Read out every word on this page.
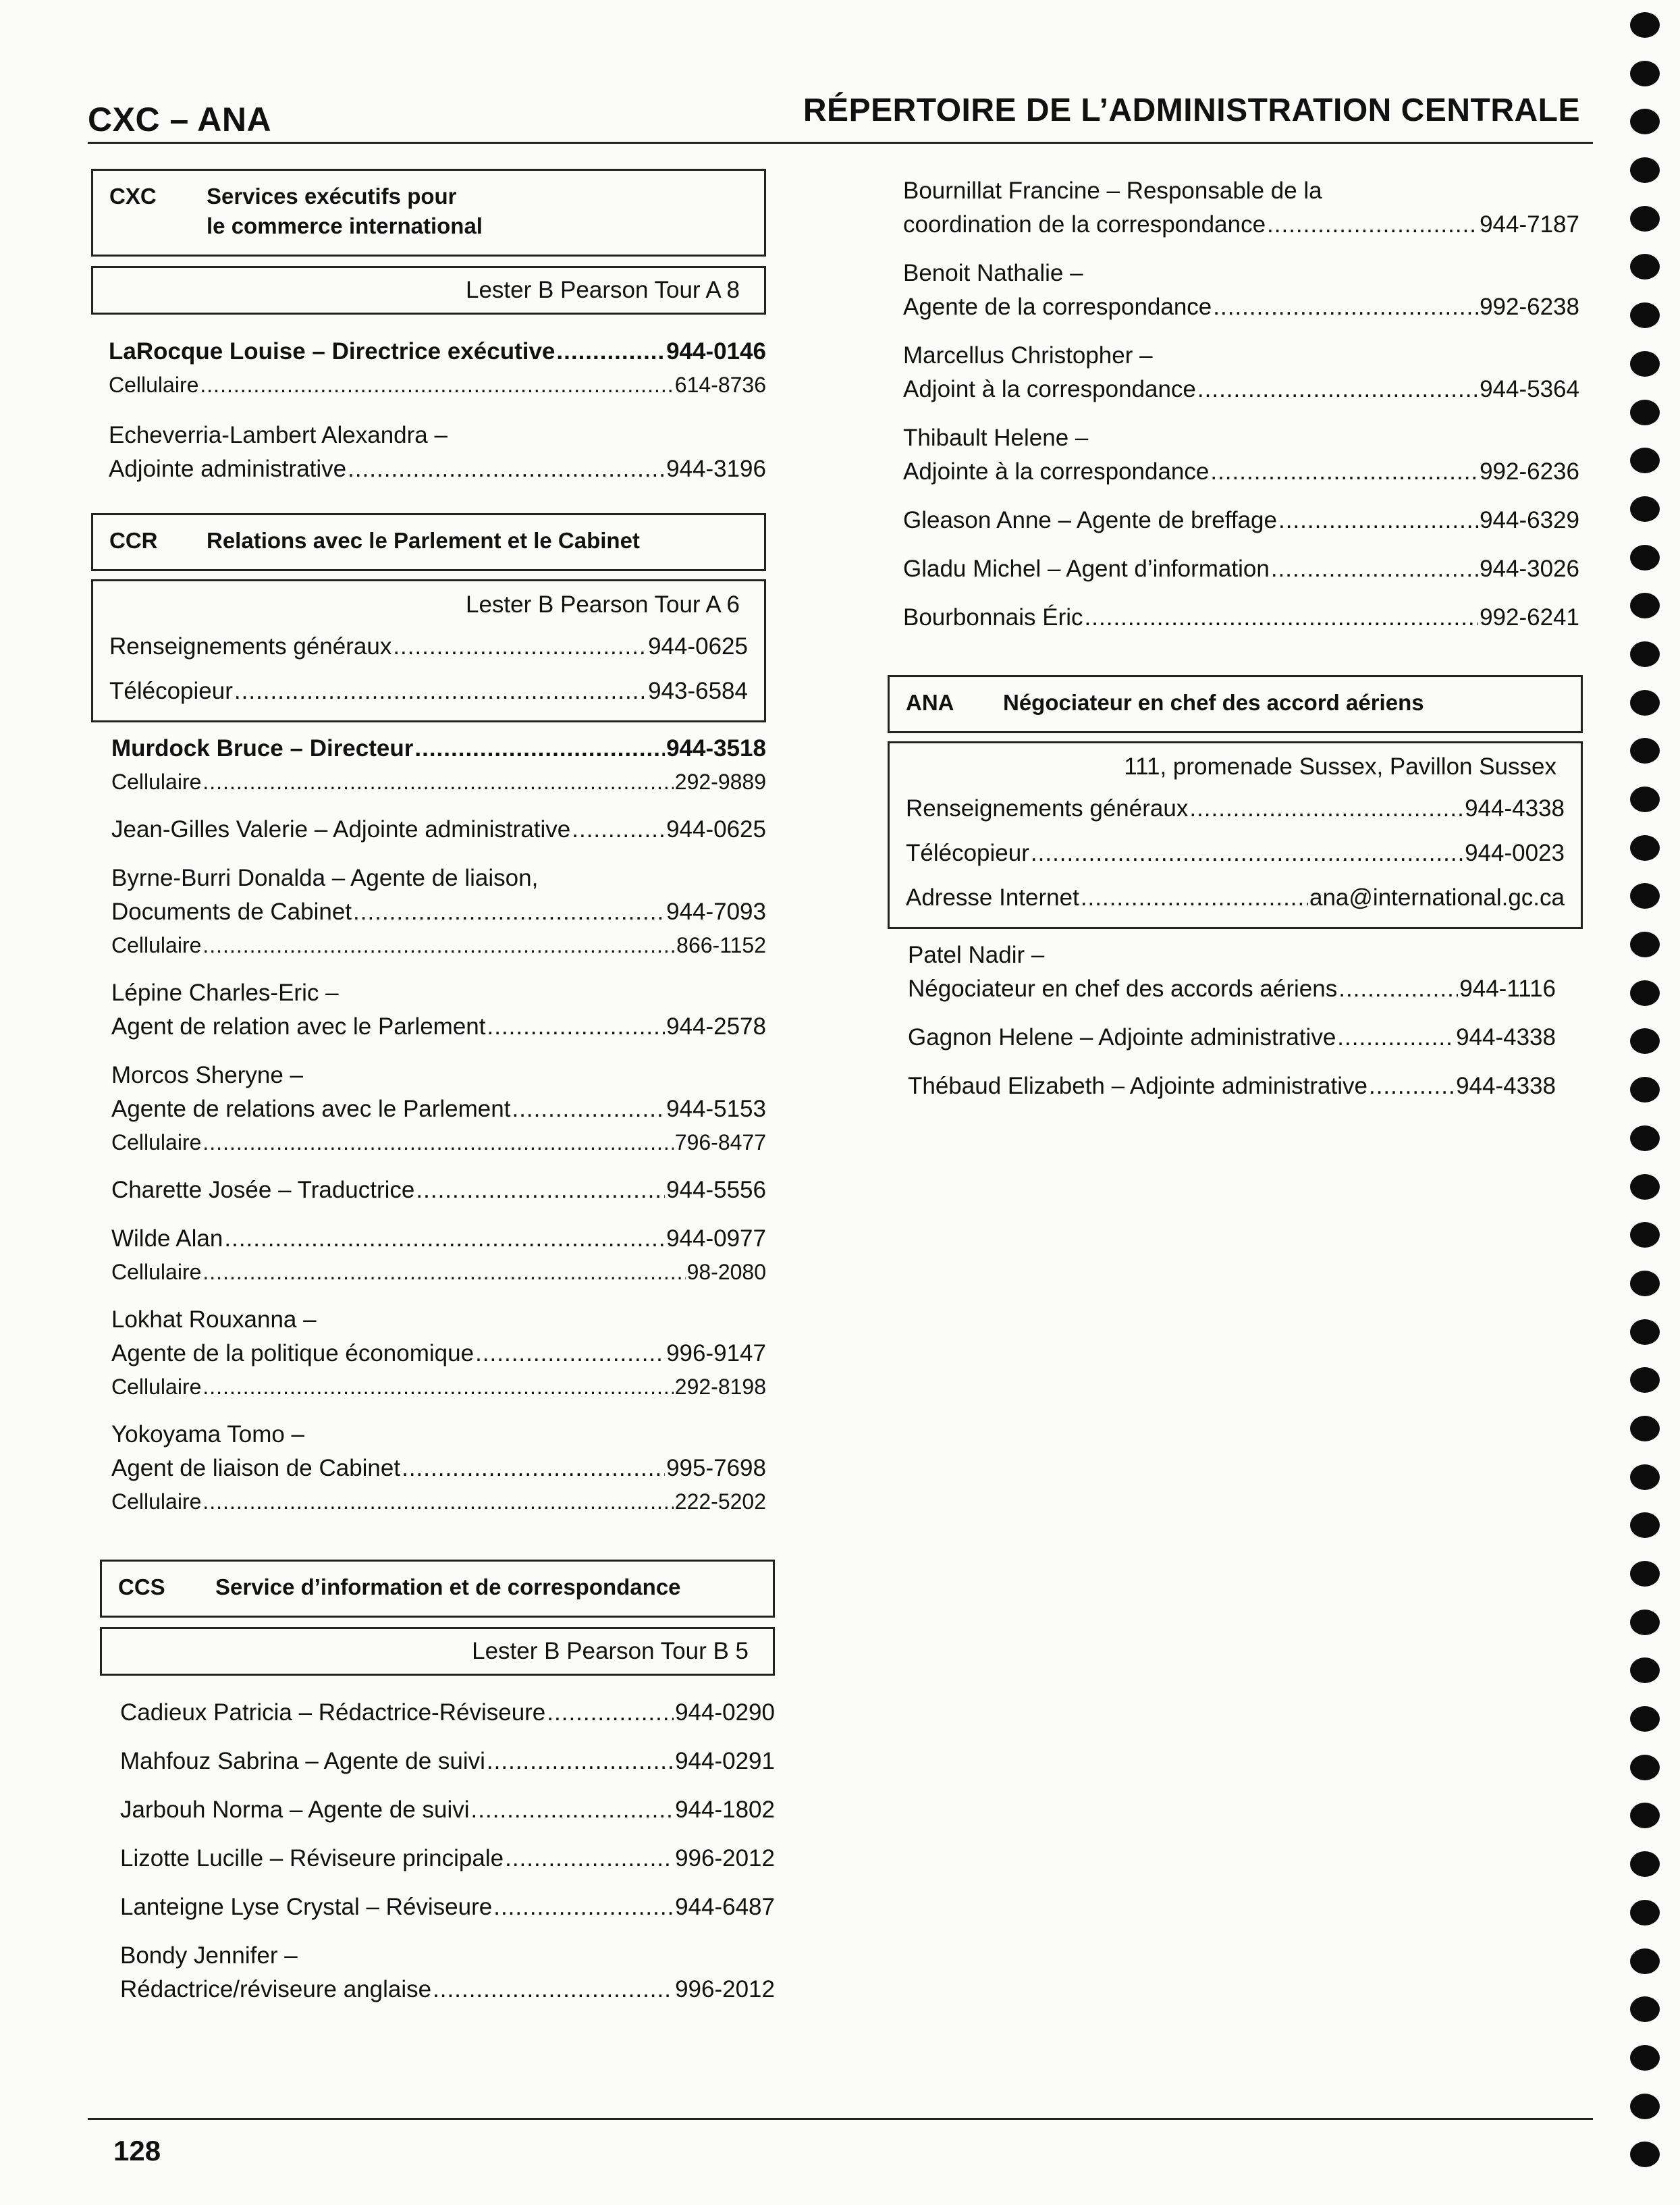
CXC – ANA	RÉPERTOIRE DE L’ADMINISTRATION CENTRALE
CXC	Services exécutifs pour
le commerce international
Lester B Pearson Tour A 8
LaRocque Louise – Directrice exécutive .....	944-0146
Cellulaire .....	614-8736
Echeverria-Lambert Alexandra –
Adjointe administrative .....	944-3196
CCR	Relations avec le Parlement et le Cabinet
Lester B Pearson Tour A 6
Renseignements généraux .....	944-0625
Télécopieur .....	943-6584
Murdock Bruce – Directeur .....	944-3518
Cellulaire .....	292-9889
Jean-Gilles Valerie – Adjointe administrative .....	944-0625
Byrne-Burri Donalda – Agente de liaison,
Documents de Cabinet .....	944-7093
Cellulaire .....	866-1152
Lépine Charles-Eric –
Agent de relation avec le Parlement .....	944-2578
Morcos Sheryne –
Agente de relations avec le Parlement .....	944-5153
Cellulaire .....	796-8477
Charette Josée – Traductrice .....	944-5556
Wilde Alan .....	944-0977
Cellulaire .....	98-2080
Lokhat Rouxanna –
Agente de la politique économique .....	996-9147
Cellulaire .....	292-8198
Yokoyama Tomo –
Agent de liaison de Cabinet .....	995-7698
Cellulaire .....	222-5202
CCS	Service d’information et de correspondance
Lester B Pearson Tour B 5
Cadieux Patricia – Rédactrice-Réviseure .....	944-0290
Mahfouz Sabrina – Agente de suivi .....	944-0291
Jarbouh Norma – Agente de suivi .....	944-1802
Lizotte Lucille – Réviseure principale .....	996-2012
Lanteigne Lyse Crystal – Réviseure .....	944-6487
Bondy Jennifer –
Rédactrice/réviseure anglaise .....	996-2012
Bournillat Francine – Responsable de la
coordination de la correspondance .....	944-7187
Benoit Nathalie –
Agente de la correspondance .....	992-6238
Marcellus Christopher –
Adjoint à la correspondance .....	944-5364
Thibault Helene –
Adjointe à la correspondance .....	992-6236
Gleason Anne – Agente de breffage .....	944-6329
Gladu Michel – Agent d’information .....	944-3026
Bourbonnais Éric .....	992-6241
ANA	Négociateur en chef des accord aériens
111, promenade Sussex, Pavillon Sussex
Renseignements généraux .....	944-4338
Télécopieur .....	944-0023
Adresse Internet .....	ana@international.gc.ca
Patel Nadir –
Négociateur en chef des accords aériens .....	944-1116
Gagnon Helene – Adjointe administrative .....	944-4338
Thébaud Elizabeth – Adjointe administrative .....	944-4338
128
